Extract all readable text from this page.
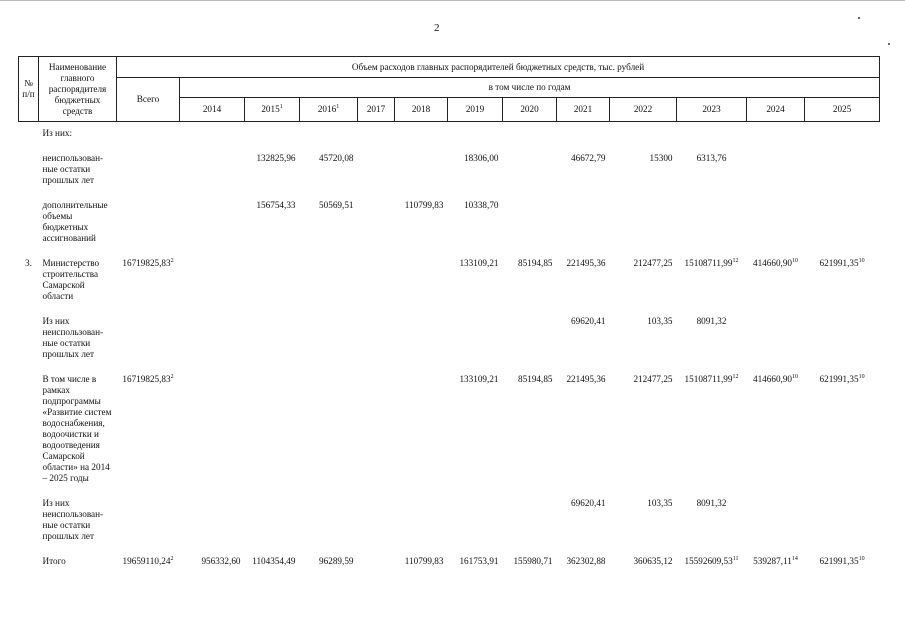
2
№ п/п	Наименование главного распорядителя бюджетных средств	Объем расходов главных распорядителей бюджетных средств, тыс. рублей												
		Всего	в том числе по годам											
			2014	2015$^1$	2016$^1$	2017	2018	2019	2020	2021	2022	2023	2024	2025
	Из них:													
	неиспользован-ные остатки прошлых лет			132825,96	45720,08			18306,00		46672,79	15300	6313,76		
	дополнительные объемы бюджетных ассигнований			156754,33	50569,51		110799,83	10338,70						
3.	Министерство строительства Самарской области	16719825,83$^2$						133109,21	85194,85	221495,36	212477,25	15108711,99$^{12}$	414660,90$^{10}$	621991,35$^{10}$
	Из них неиспользован-ные остатки прошлых лет									69620,41	103,35	8091,32		
	В том числе в рамках подпрограммы «Развитие систем водоснабжения, водоочистки и водоотведения Самарской области» на 2014 – 2025 годы	16719825,83$^2$						133109,21	85194,85	221495,36	212477,25	15108711,99$^{12}$	414660,90$^{10}$	621991,35$^{10}$
	Из них неиспользован-ные остатки прошлых лет									69620,41	103,35	8091,32		
	Итого	19659110,24$^2$	956332,60	1104354,49	96289,59		110799,83	161753,91	155980,71	362302,88	360635,12	15592609,53$^{11}$	539287,11$^{14}$	621991,35$^{10}$
